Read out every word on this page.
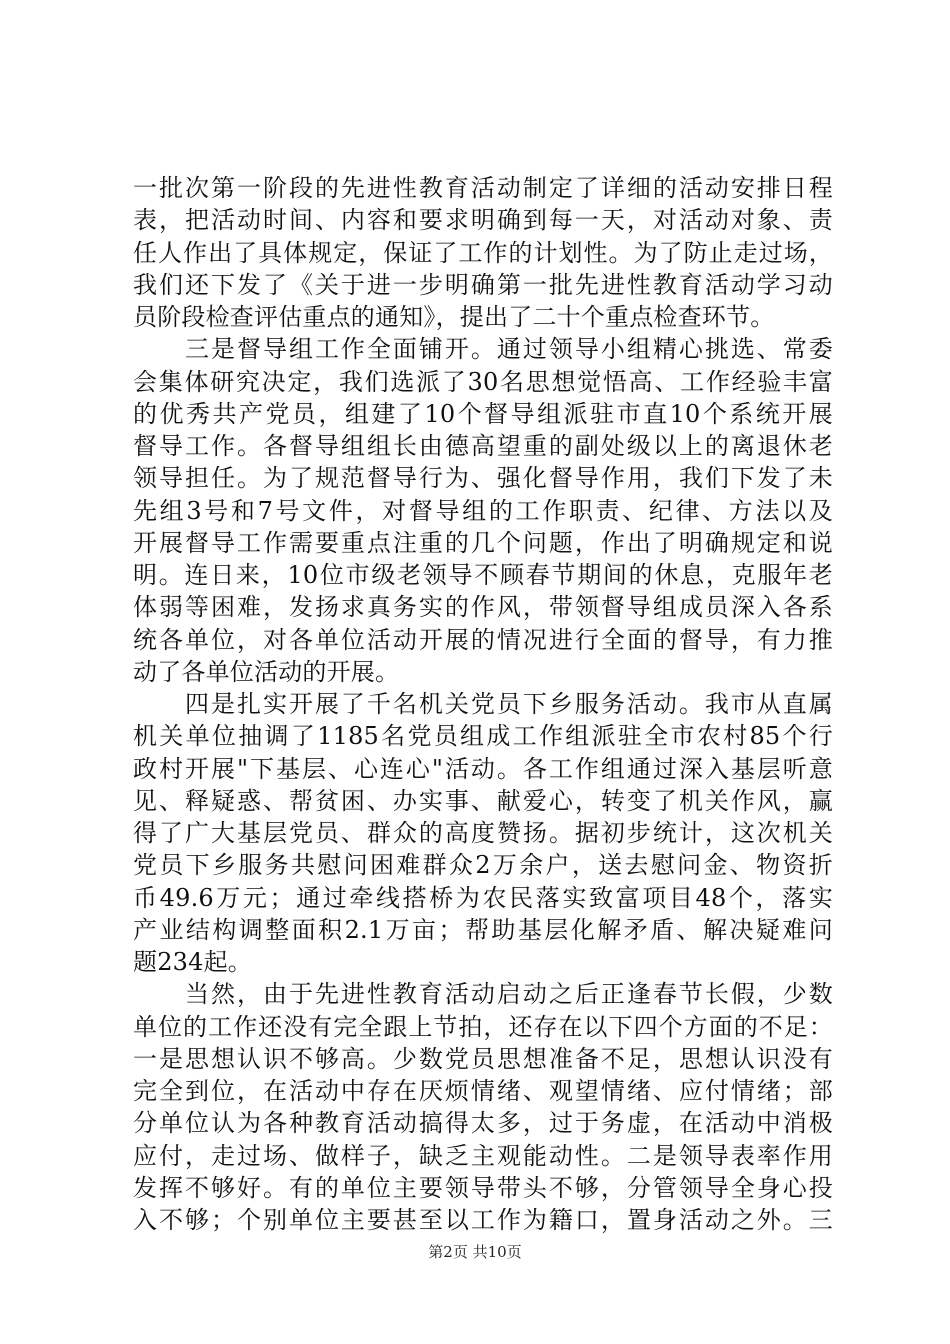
一批次第一阶段的先进性教育活动制定了详细的活动安排日程
表，把活动时间、内容和要求明确到每一天，对活动对象、责
任人作出了具体规定，保证了工作的计划性。为了防止走过场，
我们还下发了《关于进一步明确第一批先进性教育活动学习动
员阶段检查评估重点的通知》，提出了二十个重点检查环节。
　　三是督导组工作全面铺开。通过领导小组精心挑选、常委
会集体研究决定，我们选派了30名思想觉悟高、工作经验丰富
的优秀共产党员，组建了10个督导组派驻市直10个系统开展
督导工作。各督导组组长由德高望重的副处级以上的离退休老
领导担任。为了规范督导行为、强化督导作用，我们下发了未
先组3号和7号文件，对督导组的工作职责、纪律、方法以及
开展督导工作需要重点注重的几个问题，作出了明确规定和说
明。连日来，10位市级老领导不顾春节期间的休息，克服年老
体弱等困难，发扬求真务实的作风，带领督导组成员深入各系
统各单位，对各单位活动开展的情况进行全面的督导，有力推
动了各单位活动的开展。
　　四是扎实开展了千名机关党员下乡服务活动。我市从直属
机关单位抽调了1185名党员组成工作组派驻全市农村85个行
政村开展"下基层、心连心"活动。各工作组通过深入基层听意
见、释疑惑、帮贫困、办实事、献爱心，转变了机关作风，赢
得了广大基层党员、群众的高度赞扬。据初步统计，这次机关
党员下乡服务共慰问困难群众2万余户，送去慰问金、物资折
币49.6万元；通过牵线搭桥为农民落实致富项目48个，落实
产业结构调整面积2.1万亩；帮助基层化解矛盾、解决疑难问
题234起。
　　当然，由于先进性教育活动启动之后正逢春节长假，少数
单位的工作还没有完全跟上节拍，还存在以下四个方面的不足：
一是思想认识不够高。少数党员思想准备不足，思想认识没有
完全到位，在活动中存在厌烦情绪、观望情绪、应付情绪；部
分单位认为各种教育活动搞得太多，过于务虚，在活动中消极
应付，走过场、做样子，缺乏主观能动性。二是领导表率作用
发挥不够好。有的单位主要领导带头不够，分管领导全身心投
入不够；个别单位主要甚至以工作为籍口，置身活动之外。三
第2页 共10页
